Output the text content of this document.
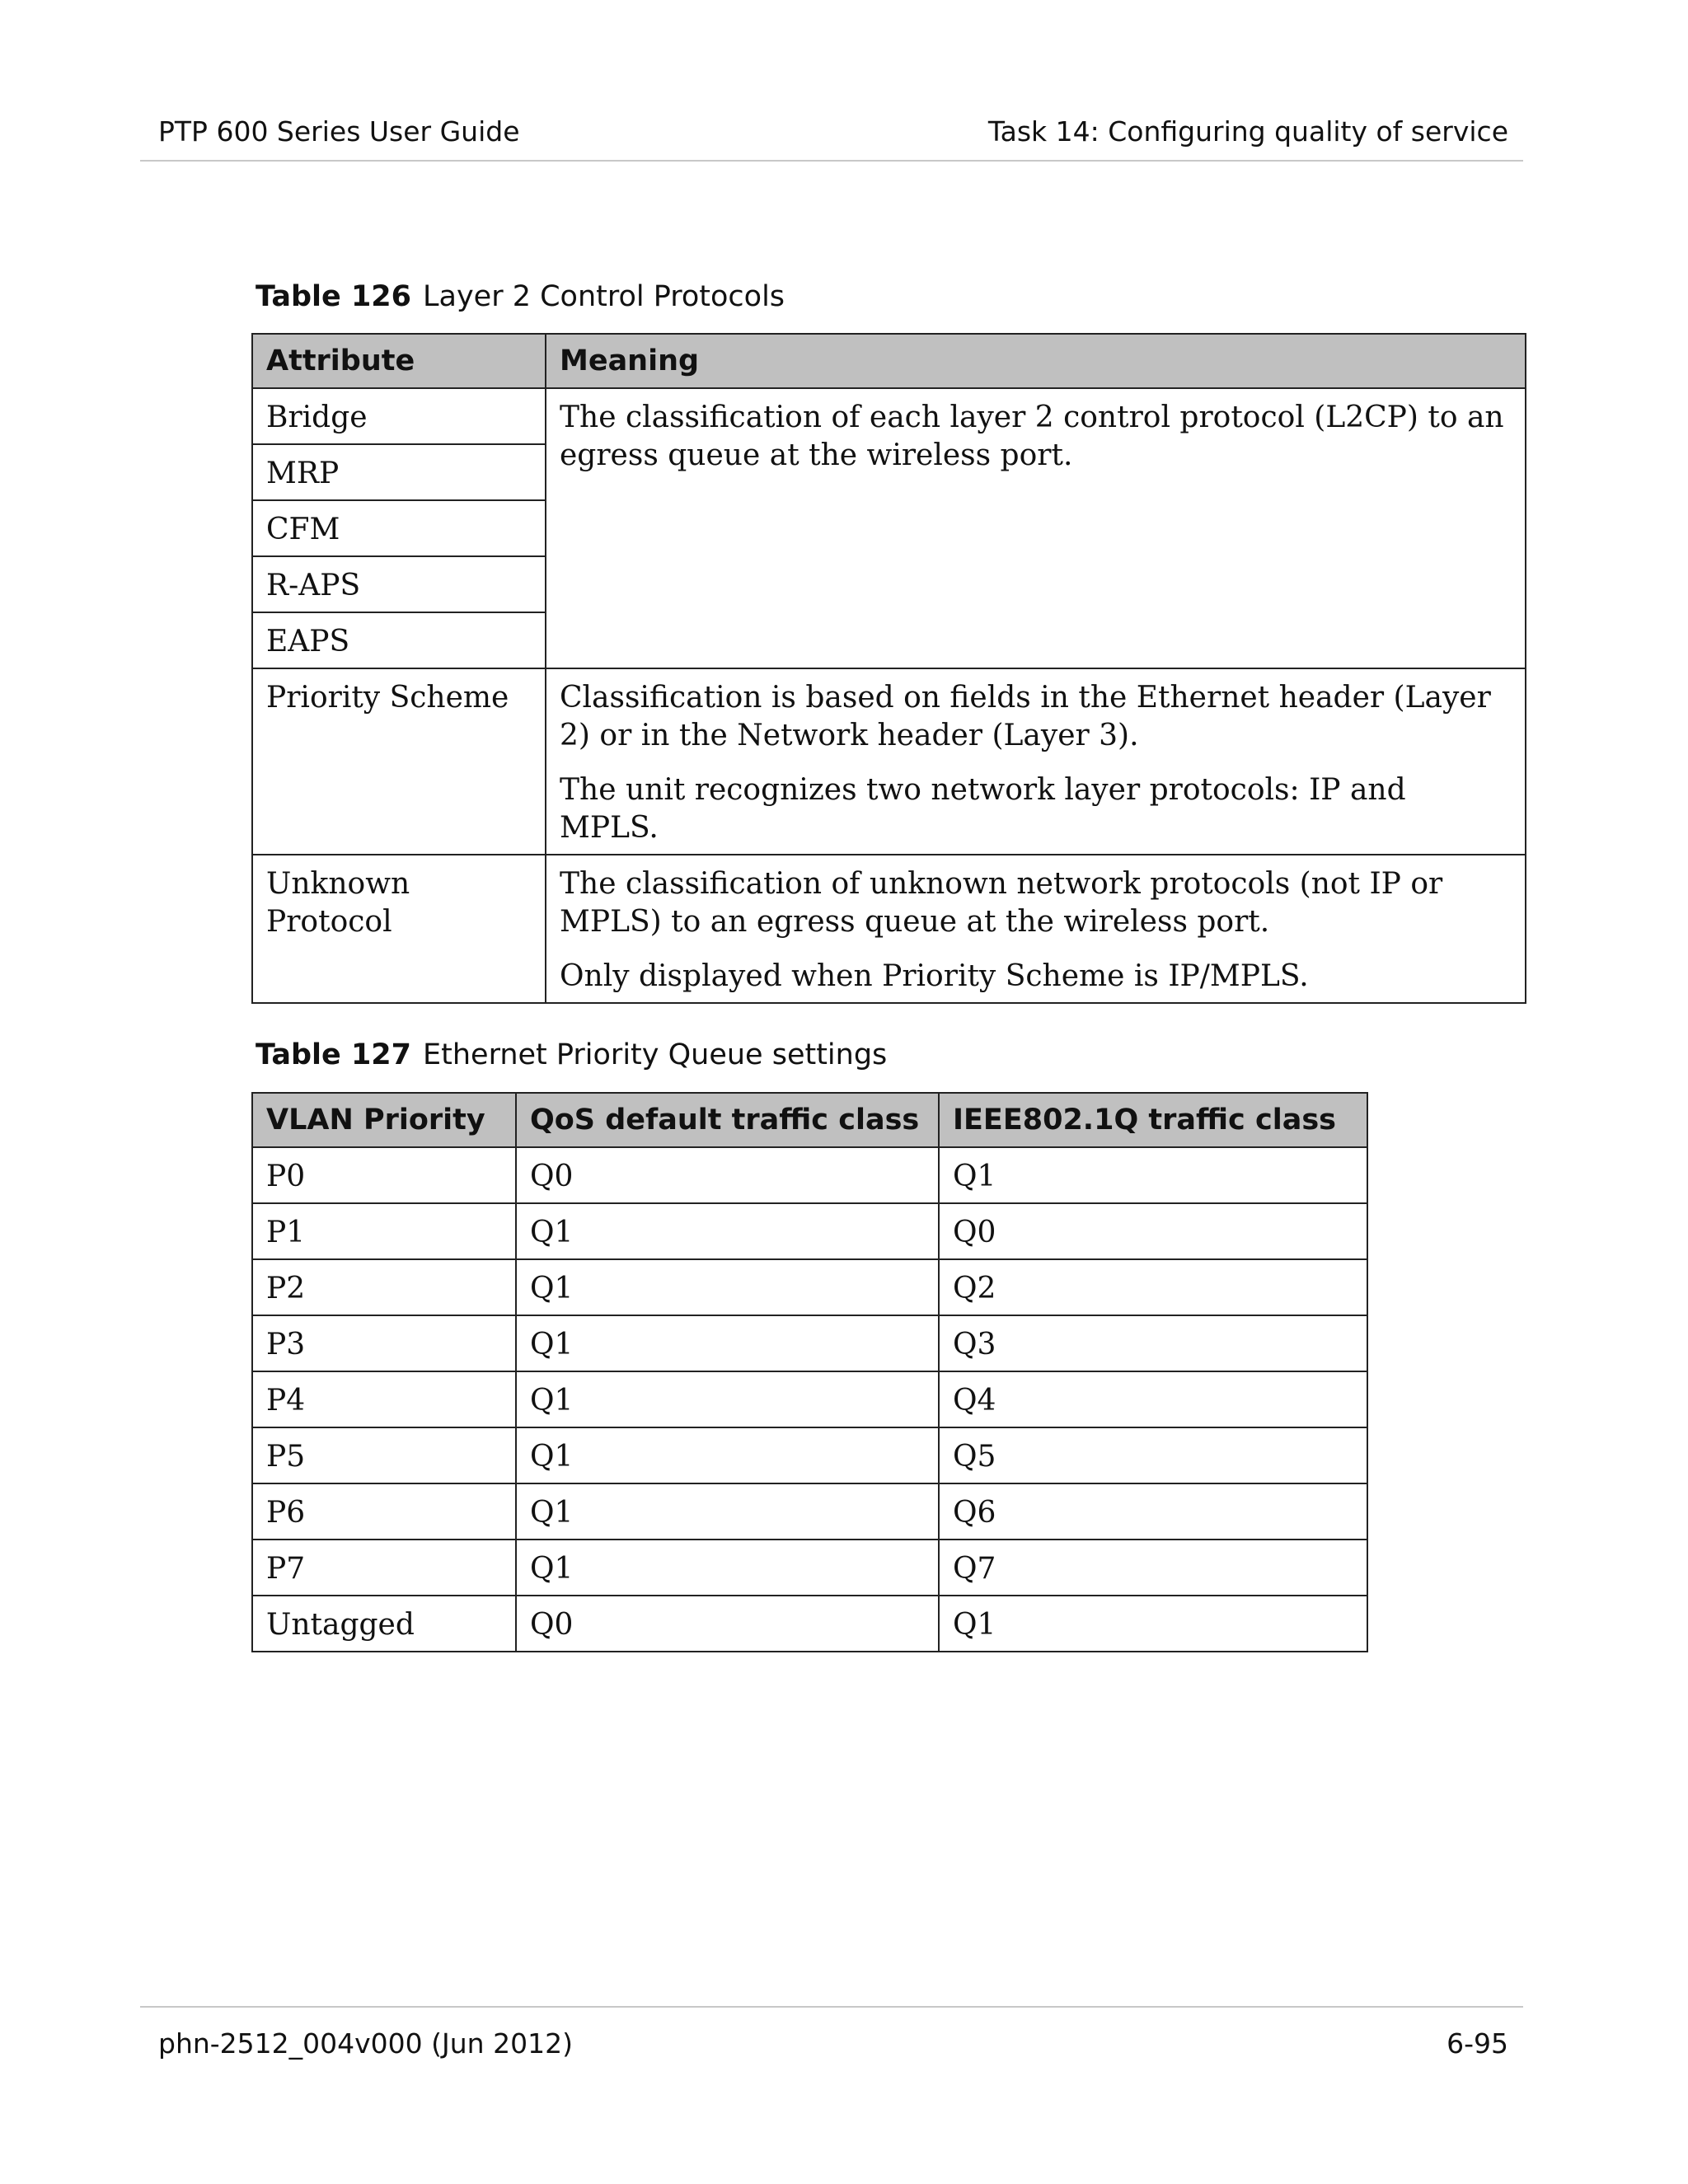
PTP 600 Series User Guide	Task 14: Configuring quality of service
Table 126 Layer 2 Control Protocols
Attribute	Meaning
Bridge	The classification of each layer 2 control protocol (L2CP) to an egress queue at the wireless port.

MRP	
CFM	
R-APS	
EAPS	
Priority Scheme	Classification is based on fields in the Ethernet header (Layer 2) or in the Network header (Layer 3).

The unit recognizes two network layer protocols: IP and MPLS.

Unknown Protocol	The classification of unknown network protocols (not IP or MPLS) to an egress queue at the wireless port.

Only displayed when Priority Scheme is IP/MPLS.

Table 127 Ethernet Priority Queue settings
VLAN Priority	QoS default traffic class	IEEE802.1Q traffic class
P0	Q0	Q1
P1	Q1	Q0
P2	Q1	Q2
P3	Q1	Q3
P4	Q1	Q4
P5	Q1	Q5
P6	Q1	Q6
P7	Q1	Q7
Untagged	Q0	Q1
phn-2512_004v000 (Jun 2012)	6-95
